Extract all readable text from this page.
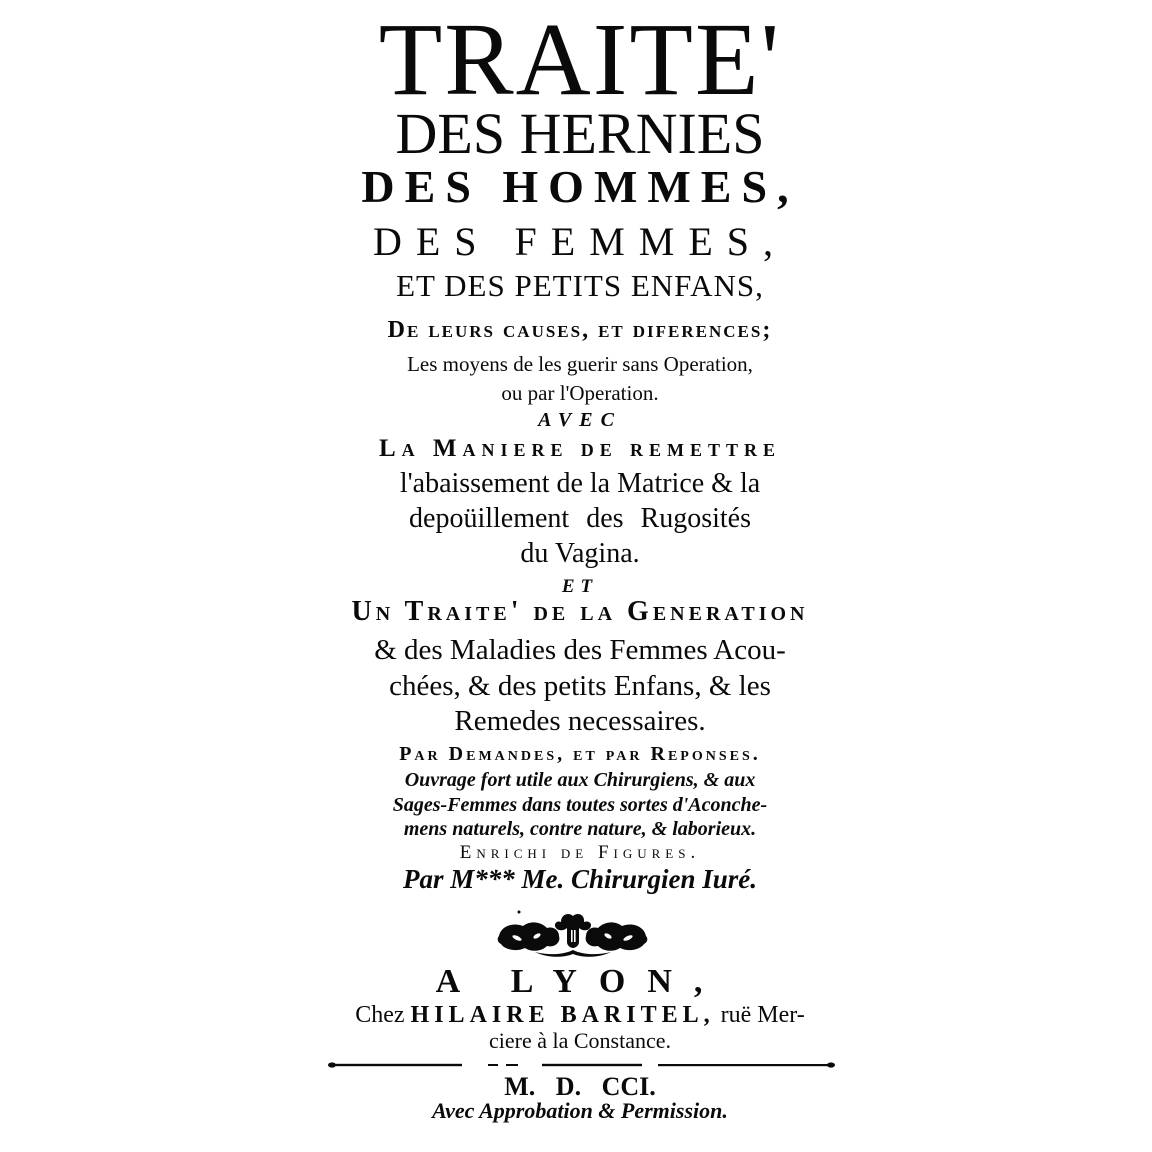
TRAITE'
DES HERNIES
DES HOMMES,
DES FEMMES,
ET DES PETITS ENFANS,
De leurs causes, et diferences;
Les moyens de les guerir sans Operation,
ou par l'Operation.
AVEC
La Maniere de remettre
l'abaissement de la Matrice & la
depoüillement des Rugosités
du Vagina.
ET
Un Traite' de la Generation
& des Maladies des Femmes Acou-
chées, & des petits Enfans, & les
Remedes necessaires.
Par Demandes, et par Reponses.
Ouvrage fort utile aux Chirurgiens, & aux
Sages-Femmes dans toutes sortes d'Aconche-
mens naturels, contre nature, & laborieux.
Enrichi de Figures.
Par M*** Me. Chirurgien Iuré.
A LYON,
Chez HILAIRE BARITEL, ruë Mer-
ciere à la Constance.
M. D. CCI.
Avec Approbation & Permission.
